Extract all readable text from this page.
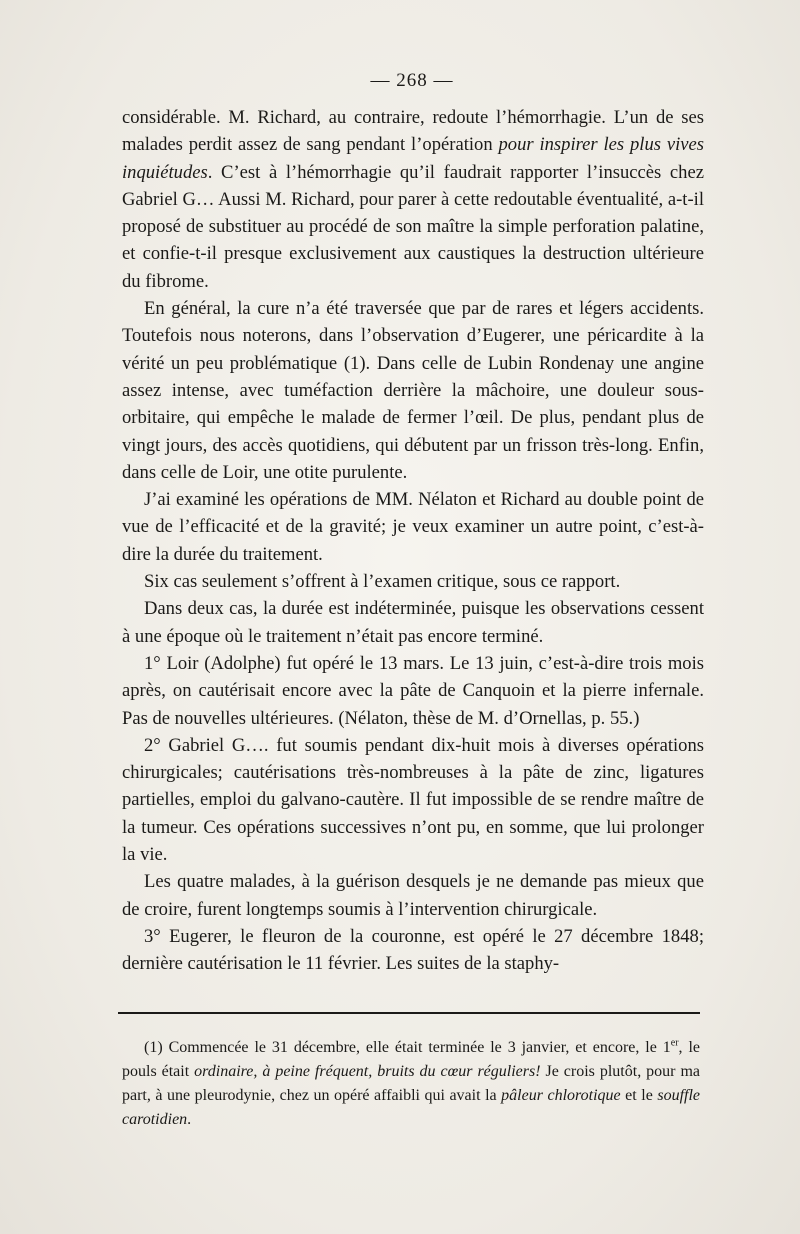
— 268 —

considérable. M. Richard, au contraire, redoute l’hémorrhagie. L’un de ses malades perdit assez de sang pendant l’opération pour inspirer les plus vives inquiétudes. C’est à l’hémorrhagie qu’il faudrait rapporter l’insuccès chez Gabriel G… Aussi M. Richard, pour parer à cette redoutable éventualité, a-t-il proposé de substituer au procédé de son maître la simple perforation palatine, et confie-t-il presque exclusivement aux caustiques la destruction ultérieure du fibrome.

En général, la cure n’a été traversée que par de rares et légers accidents. Toutefois nous noterons, dans l’observation d’Eugerer, une péricardite à la vérité un peu problématique (1). Dans celle de Lubin Rondenay une angine assez intense, avec tuméfaction derrière la mâchoire, une douleur sous-orbitaire, qui empêche le malade de fermer l’œil. De plus, pendant plus de vingt jours, des accès quotidiens, qui débutent par un frisson très-long. Enfin, dans celle de Loir, une otite purulente.

J’ai examiné les opérations de MM. Nélaton et Richard au double point de vue de l’efficacité et de la gravité; je veux examiner un autre point, c’est-à-dire la durée du traitement.

Six cas seulement s’offrent à l’examen critique, sous ce rapport.

Dans deux cas, la durée est indéterminée, puisque les observations cessent à une époque où le traitement n’était pas encore terminé.

1° Loir (Adolphe) fut opéré le 13 mars. Le 13 juin, c’est-à-dire trois mois après, on cautérisait encore avec la pâte de Canquoin et la pierre infernale. Pas de nouvelles ultérieures. (Nélaton, thèse de M. d’Ornellas, p. 55.)

2° Gabriel G…. fut soumis pendant dix-huit mois à diverses opérations chirurgicales; cautérisations très-nombreuses à la pâte de zinc, ligatures partielles, emploi du galvano-cautère. Il fut impossible de se rendre maître de la tumeur. Ces opérations successives n’ont pu, en somme, que lui prolonger la vie.

Les quatre malades, à la guérison desquels je ne demande pas mieux que de croire, furent longtemps soumis à l’intervention chirurgicale.

3° Eugerer, le fleuron de la couronne, est opéré le 27 décembre 1848; dernière cautérisation le 11 février. Les suites de la staphy-

(1) Commencée le 31 décembre, elle était terminée le 3 janvier, et encore, le 1er, le pouls était ordinaire, à peine fréquent, bruits du cœur réguliers! Je crois plutôt, pour ma part, à une pleurodynie, chez un opéré affaibli qui avait la pâleur chlorotique et le souffle carotidien.
